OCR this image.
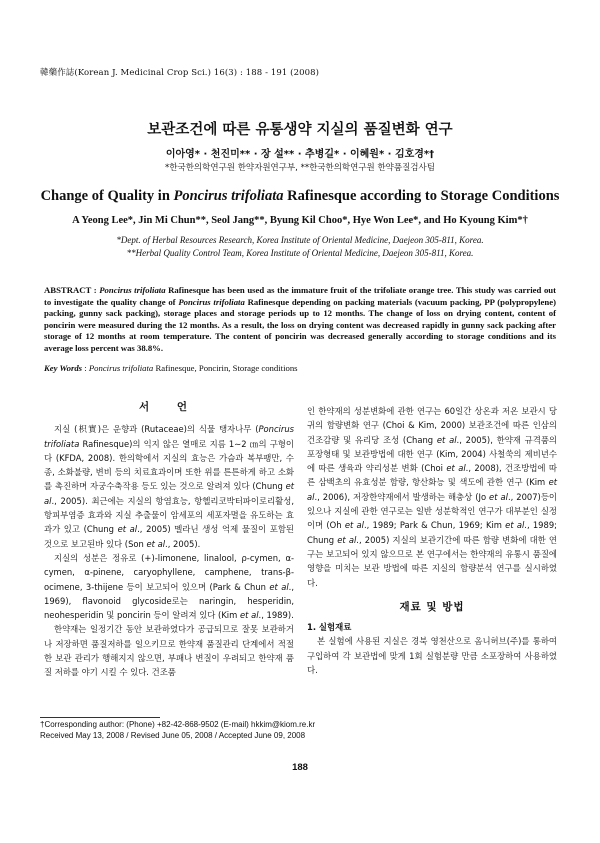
韓藥作誌(Korean J. Medicinal Crop Sci.) 16(3) : 188 - 191 (2008)
보관조건에 따른 유통생약 지실의 품질변화 연구
이아영* · 천진미** · 장 설** · 추병길* · 이혜원* · 김호경*†
*한국한의학연구원 한약자원연구부, **한국한의학연구원 한약품질검사팀
Change of Quality in Poncirus trifoliata Rafinesque according to Storage Conditions
A Yeong Lee*, Jin Mi Chun**, Seol Jang**, Byung Kil Choo*, Hye Won Lee*, and Ho Kyoung Kim*†
*Dept. of Herbal Resources Research, Korea Institute of Oriental Medicine, Daejeon 305-811, Korea.
**Herbal Quality Control Team, Korea Institute of Oriental Medicine, Daejeon 305-811, Korea.
ABSTRACT : Poncirus trifoliata Rafinesque has been used as the immature fruit of the trifoliate orange tree. This study was carried out to investigate the quality change of Poncirus trifoliata Rafinesque depending on packing materials (vacuum packing, PP (polypropylene) packing, gunny sack packing), storage places and storage periods up to 12 months. The change of loss on drying content, content of poncirin were measured during the 12 months. As a result, the loss on drying content was decreased rapidly in gunny sack packing after storage of 12 months at room temperature. The content of poncirin was decreased generally according to storage conditions and its average loss percent was 38.8%.
Key Words : Poncirus trifoliata Rafinesque, Poncirin, Storage conditions
서 언

지실 (枳實)은 운향과 (Rutaceae)의 식물 탱자나무 (Poncirus trifoliata Rafinesque)의 익지 않은 열매로 지름 1∼2 ㎝의 구형이다 (KFDA, 2008). 한의학에서 지실의 효능은 가슴과 복부팽만, 수종, 소화불량, 변비 등의 치료효과이며 또한 위를 튼튼하게 하고 소화를 촉진하며 자궁수축작용 등도 있는 것으로 알려져 있다 (Chung et al., 2005). 최근에는 지실의 항염효능, 항헬리코박터파이로리활성, 항피부염증 효과와 지실 추출물이 암세포의 세포자멸을 유도하는 효과가 있고 (Chung et al., 2005) 멜라닌 생성 억제 물질이 포함된 것으로 보고된바 있다 (Son et al., 2005).

지실의 성분은 정유로 (+)-limonene, linalool, ρ-cymen, α-cymen, α-pinene, caryophyllene, camphene, trans-β-ocimene, 3-thijene 등이 보고되어 있으며 (Park & Chun et al., 1969), flavonoid glycoside로는 naringin, hesperidin, neohesperidin 및 poncirin 등이 알려져 있다 (Kim et al., 1989).

한약재는 일정기간 동안 보관하였다가 공급되므로 잘못 보관하거나 저장하면 품질저하를 일으키므로 한약재 품질관리 단계에서 적절한 보관 관리가 행해지지 않으면, 부패나 변질이 우려되고 한약재 품질 저하를 야기 시킬 수 있다. 건조품

인 한약재의 성분변화에 관한 연구는 60일간 상온과 저온 보관시 당귀의 함량변화 연구 (Choi & Kim, 2000) 보관조건에 따른 인삼의 건조감량 및 유리당 조성 (Chang et al., 2005), 한약재 규격품의 포장형태 및 보관방법에 대한 연구 (Kim, 2004) 사철쑥의 제비년수에 따른 생육과 약리성분 변화 (Choi et al., 2008), 건조방법에 따른 삼백초의 유효성분 함량, 항산화능 및 색도에 관한 연구 (Kim et al., 2006), 저장한약재에서 발생하는 해충상 (Jo et al., 2007)등이 있으나 지실에 관한 연구로는 일반 성분학적인 연구가 대부분인 실정이며 (Oh et al., 1989; Park & Chun, 1969; Kim et al., 1989; Chung et al., 2005) 지실의 보관기간에 따른 함량 변화에 대한 연구는 보고되어 있지 않으므로 본 연구에서는 한약재의 유통시 품질에 영향을 미치는 보관 방법에 따른 지실의 함량분석 연구를 실시하였다.

재료 및 방법

1. 실험재료

본 실험에 사용된 지실은 경북 영천산으로 옴니허브(주)를 통하여 구입하여 각 보관법에 맞게 1회 실험분량 만큼 소포장하여 사용하였다.

†Corresponding author: (Phone) +82-42-868-9502 (E-mail) hkkim@kiom.re.kr
Received May 13, 2008 / Revised June 05, 2008 / Accepted June 09, 2008
188
